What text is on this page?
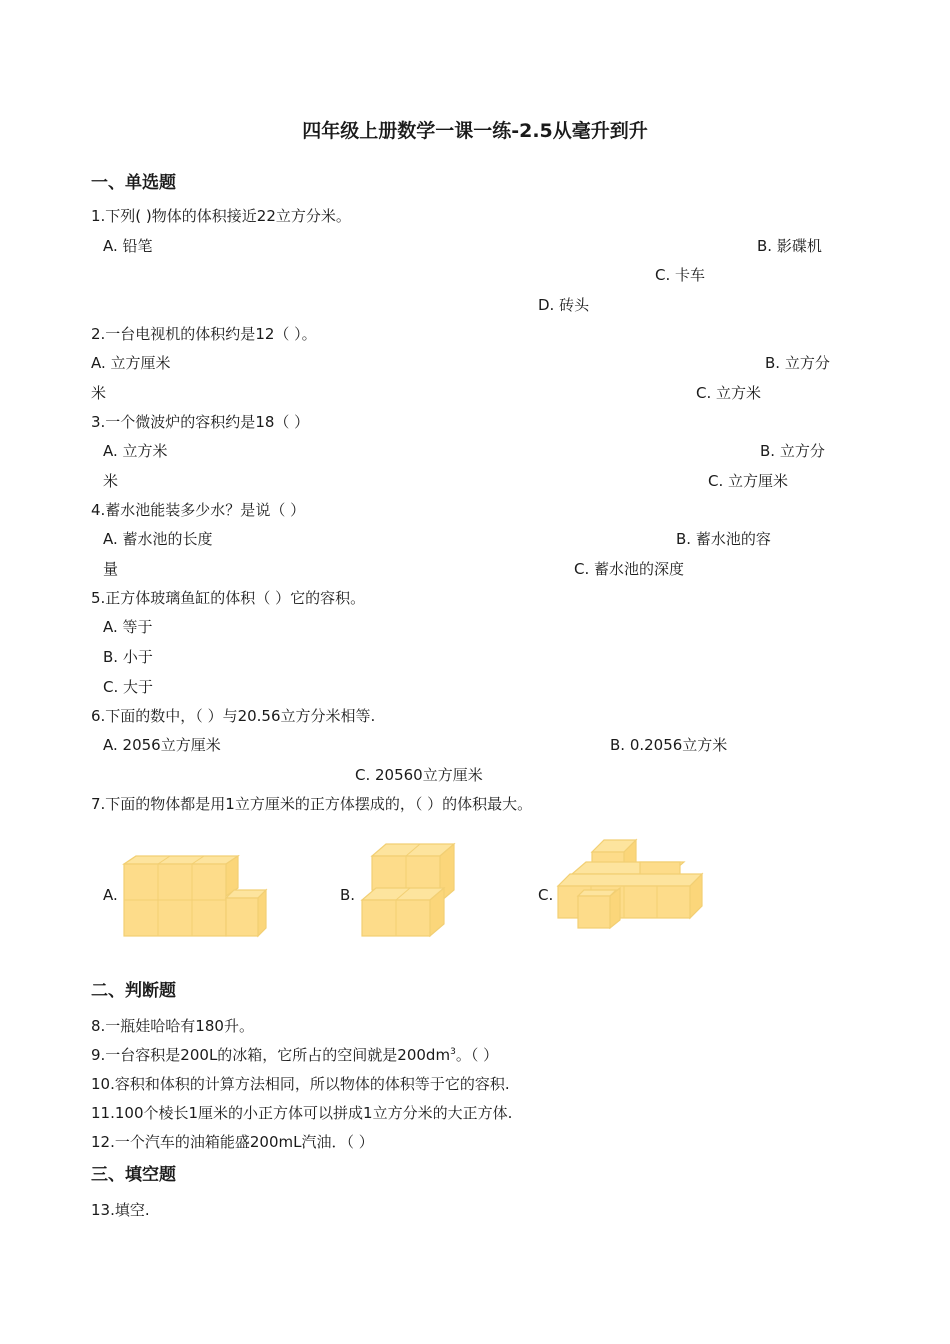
四年级上册数学一课一练-2.5从毫升到升
一、单选题
1.下列( )物体的体积接近22立方分米。
A. 铅笔	B. 影碟机
C. 卡车
D. 砖头
2.一台电视机的体积约是12（ ）。
A. 立方厘米	B. 立方分
米	C. 立方米
3.一个微波炉的容积约是18（ ）
A. 立方米	B. 立方分
米	C. 立方厘米
4.蓄水池能装多少水？是说（ ）
A. 蓄水池的长度	B. 蓄水池的容
量	C. 蓄水池的深度
5.正方体玻璃鱼缸的体积（ ）它的容积。
A. 等于
B. 小于
C. 大于
6.下面的数中，（ ）与20.56立方分米相等.
A. 2056立方厘米	B. 0.2056立方米
C. 20560立方厘米
7.下面的物体都是用1立方厘米的正方体摆成的，（ ）的体积最大。
A.	B.	C.
二、判断题
8.一瓶娃哈哈有180升。
9.一台容积是200L的冰箱，它所占的空间就是$200dm^3$。（ ）
10.容积和体积的计算方法相同，所以物体的体积等于它的容积.
11.100个棱长1厘米的小正方体可以拼成1立方分米的大正方体.
12.一个汽车的油箱能盛200mL汽油．（ ）
三、填空题
13.填空.
